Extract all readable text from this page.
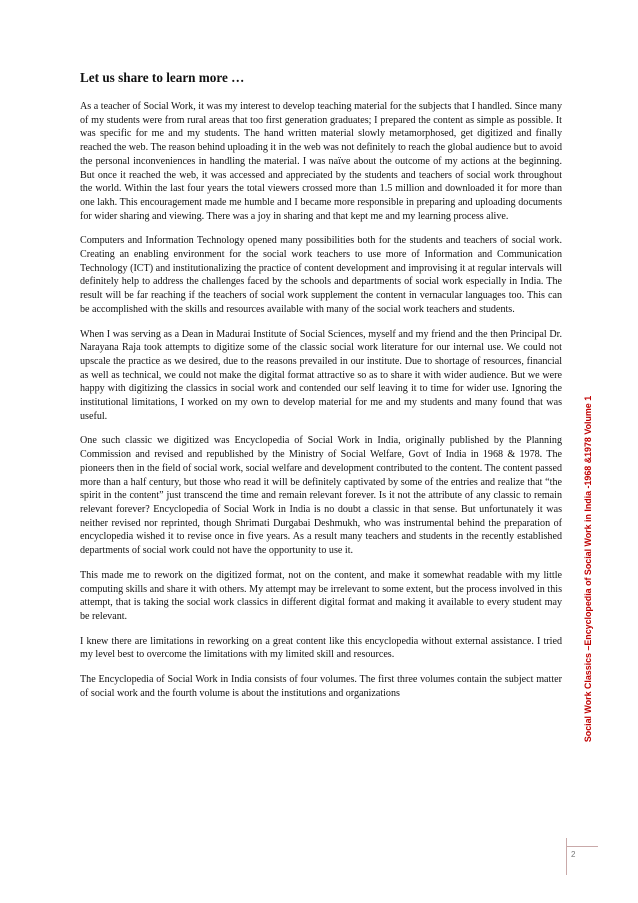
Let us share to learn more …

As a teacher of Social Work, it was my interest to develop teaching material for the subjects that I handled. Since many of my students were from rural areas that too first generation graduates; I prepared the content as simple as possible. It was specific for me and my students. The hand written material slowly metamorphosed, get digitized and finally reached the web. The reason behind uploading it in the web was not definitely to reach the global audience but to avoid the personal inconveniences in handling the material. I was naïve about the outcome of my actions at the beginning. But once it reached the web, it was accessed and appreciated by the students and teachers of social work throughout the world. Within the last four years the total viewers crossed more than 1.5 million and downloaded it for more than one lakh. This encouragement made me humble and I became more responsible in preparing and uploading documents for wider sharing and viewing. There was a joy in sharing and that kept me and my learning process alive.

Computers and Information Technology opened many possibilities both for the students and teachers of social work. Creating an enabling environment for the social work teachers to use more of Information and Communication Technology (ICT) and institutionalizing the practice of content development and improvising it at regular intervals will definitely help to address the challenges faced by the schools and departments of social work especially in India. The result will be far reaching if the teachers of social work supplement the content in vernacular languages too. This can be accomplished with the skills and resources available with many of the social work teachers and students.

When I was serving as a Dean in Madurai Institute of Social Sciences, myself and my friend and the then Principal Dr. Narayana Raja took attempts to digitize some of the classic social work literature for our internal use. We could not upscale the practice as we desired, due to the reasons prevailed in our institute. Due to shortage of resources, financial as well as technical, we could not make the digital format attractive so as to share it with wider audience. But we were happy with digitizing the classics in social work and contended our self leaving it to time for wider use. Ignoring the institutional limitations, I worked on my own to develop material for me and my students and many found that was useful.

One such classic we digitized was Encyclopedia of Social Work in India, originally published by the Planning Commission and revised and republished by the Ministry of Social Welfare, Govt of India in 1968 & 1978. The pioneers then in the field of social work, social welfare and development contributed to the content. The content passed more than a half century, but those who read it will be definitely captivated by some of the entries and realize that “the spirit in the content” just transcend the time and remain relevant forever. Is it not the attribute of any classic to remain relevant forever? Encyclopedia of Social Work in India is no doubt a classic in that sense. But unfortunately it was neither revised nor reprinted, though Shrimati Durgabai Deshmukh, who was instrumental behind the preparation of encyclopedia wished it to revise once in five years. As a result many teachers and students in the recently established departments of social work could not have the opportunity to use it.

This made me to rework on the digitized format, not on the content, and make it somewhat readable with my little computing skills and share it with others. My attempt may be irrelevant to some extent, but the process involved in this attempt, that is taking the social work classics in different digital format and making it available to every student may be relevant.

I knew there are limitations in reworking on a great content like this encyclopedia without external assistance. I tried my level best to overcome the limitations with my limited skill and resources.

The Encyclopedia of Social Work in India consists of four volumes. The first three volumes contain the subject matter of social work and the fourth volume is about the institutions and organizations	Social Work Classics –Encyclopedia of Social Work in India -1968 &1978 Volume 1
2
